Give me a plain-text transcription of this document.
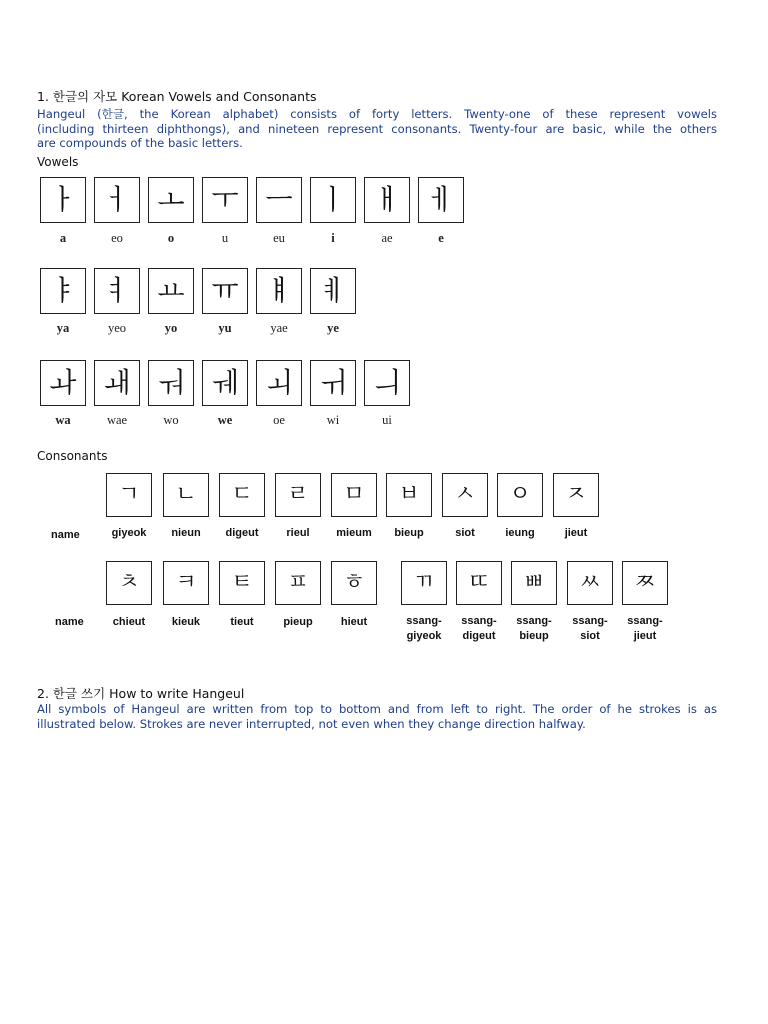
1. 한글의 자모 Korean Vowels and Consonants
Hangeul (한글, the Korean alphabet) consists of forty letters. Twenty-one of these represent vowels
(including thirteen diphthongs), and nineteen represent consonants. Twenty-four are basic, while the others
are compounds of the basic letters.
Vowels
ㅏ
a
ㅓ
eo
ㅗ
o
ㅜ
u
ㅡ
eu
ㅣ
i
ㅐ
ae
ㅔ
e
ㅑ
ya
ㅕ
yeo
ㅛ
yo
ㅠ
yu
ㅒ
yae
ㅖ
ye
ㅘ
wa
ㅙ
wae
ㅝ
wo
ㅞ
we
ㅚ
oe
ㅟ
wi
ㅢ
ui
Consonants
name
ㄱ
giyeok
ㄴ
nieun
ㄷ
digeut
ㄹ
rieul
ㅁ
mieum
ㅂ
bieup
ㅅ
siot
ㅇ
ieung
ㅈ
jieut
name
ㅊ
chieut
ㅋ
kieuk
ㅌ
tieut
ㅍ
pieup
ㅎ
hieut
ㄲ
ssang-
giyeok
ㄸ
ssang-
digeut
ㅃ
ssang-
bieup
ㅆ
ssang-
siot
ㅉ
ssang-
jieut
2. 한글 쓰기 How to write Hangeul
All symbols of Hangeul are written from top to bottom and from left to right. The order of he strokes is as
illustrated below. Strokes are never interrupted, not even when they change direction halfway.
